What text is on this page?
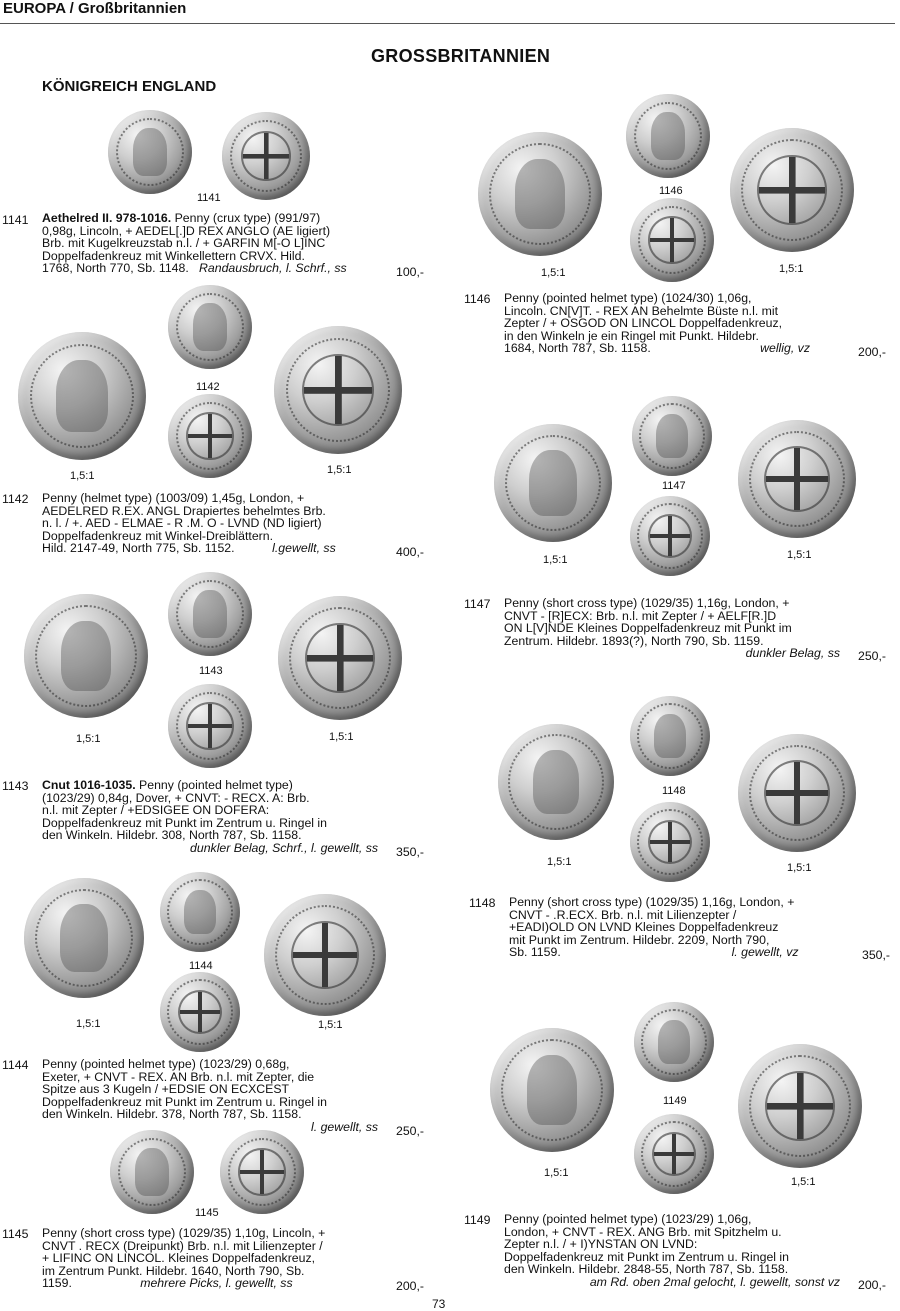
EUROPA / Großbritannien
GROSSBRITANNIEN
KÖNIGREICH ENGLAND
1141
1141 Aethelred II. 978-1016. Penny (crux type) (991/97)
0,98g, Lincoln, + AEDEL[.]D REX ANGLO (AE ligiert)
Brb. mit Kugelkreuzstab n.l. / + GARFIN M[-O L]INC
Doppelfadenkreuz mit Winkellettern CRVX. Hild.
1768, North 770, Sb. 1148. Randausbruch, l. Schrf., ss	100,-
1142
1,5:1	1,5:1
1142 Penny (helmet type) (1003/09) 1,45g, London, +
AEDELRED R.EX. ANGL Drapiertes behelmtes Brb.
n. l. / +. AED - ELMAE - R .M. O - LVND (ND ligiert)
Doppelfadenkreuz mit Winkel-Dreiblättern.
Hild. 2147-49, North 775, Sb. 1152.	l.gewellt, ss	400,-
1143
1,5:1	1,5:1
1143 Cnut 1016-1035. Penny (pointed helmet type)
(1023/29) 0,84g, Dover, + CNVT: - RECX. A: Brb.
n.l. mit Zepter / +EDSIGEE ON DOFERA:
Doppelfadenkreuz mit Punkt im Zentrum u. Ringel in
den Winkeln. Hildebr. 308, North 787, Sb. 1158.

dunkler Belag, Schrf., l. gewellt, ss 350,-
1144
1,5:1	1,5:1
1144 Penny (pointed helmet type) (1023/29) 0,68g,
Exeter, + CNVT - REX. AN Brb. n.l. mit Zepter, die
Spitze aus 3 Kugeln / +EDSIE ON ECXCEST
Doppelfadenkreuz mit Punkt im Zentrum u. Ringel in
den Winkeln. Hildebr. 378, North 787, Sb. 1158.

l. gewellt, ss 250,-
1145
1145 Penny (short cross type) (1029/35) 1,10g, Lincoln, +
CNVT . RECX (Dreipunkt) Brb. n.l. mit Lilienzepter /
+ LIFINC ON LINCOL. Kleines Doppelfadenkreuz,
im Zentrum Punkt. Hildebr. 1640, North 790, Sb.
1159.	mehrere Picks, l. gewellt, ss	200,-
1146
1,5:1	1,5:1
1146 Penny (pointed helmet type) (1024/30) 1,06g,
Lincoln. CN[V]T. - REX AN Behelmte Büste n.l. mit
Zepter / + OSGOD ON LINCOL Doppelfadenkreuz,
in den Winkeln je ein Ringel mit Punkt. Hildebr.
1684, North 787, Sb. 1158.	wellig, vz	200,-
1147
1,5:1	1,5:1
1147 Penny (short cross type) (1029/35) 1,16g, London, +
CNVT - [R]ECX: Brb. n.l. mit Zepter / + AELF[R.]D
ON L[V]NDE Kleines Doppelfadenkreuz mit Punkt im
Zentrum. Hildebr. 1893(?), North 790, Sb. 1159.

dunkler Belag, ss 250,-
1148
1,5:1	1,5:1
1148 Penny (short cross type) (1029/35) 1,16g, London, +
CNVT - .R.ECX. Brb. n.l. mit Lilienzepter /
+EADI)OLD ON LVND Kleines Doppelfadenkreuz
mit Punkt im Zentrum. Hildebr. 2209, North 790,
Sb. 1159.	l. gewellt, vz	350,-
1149
1,5:1
1,5:1
1149 Penny (pointed helmet type) (1023/29) 1,06g,
London, + CNVT - REX. ANG Brb. mit Spitzhelm u.
Zepter n.l. / + I)YNSTAN ON LVND:
Doppelfadenkreuz mit Punkt im Zentrum u. Ringel in
den Winkeln. Hildebr. 2848-55, North 787, Sb. 1158.

am Rd. oben 2mal gelocht, l. gewellt, sonst vz 200,-
73
